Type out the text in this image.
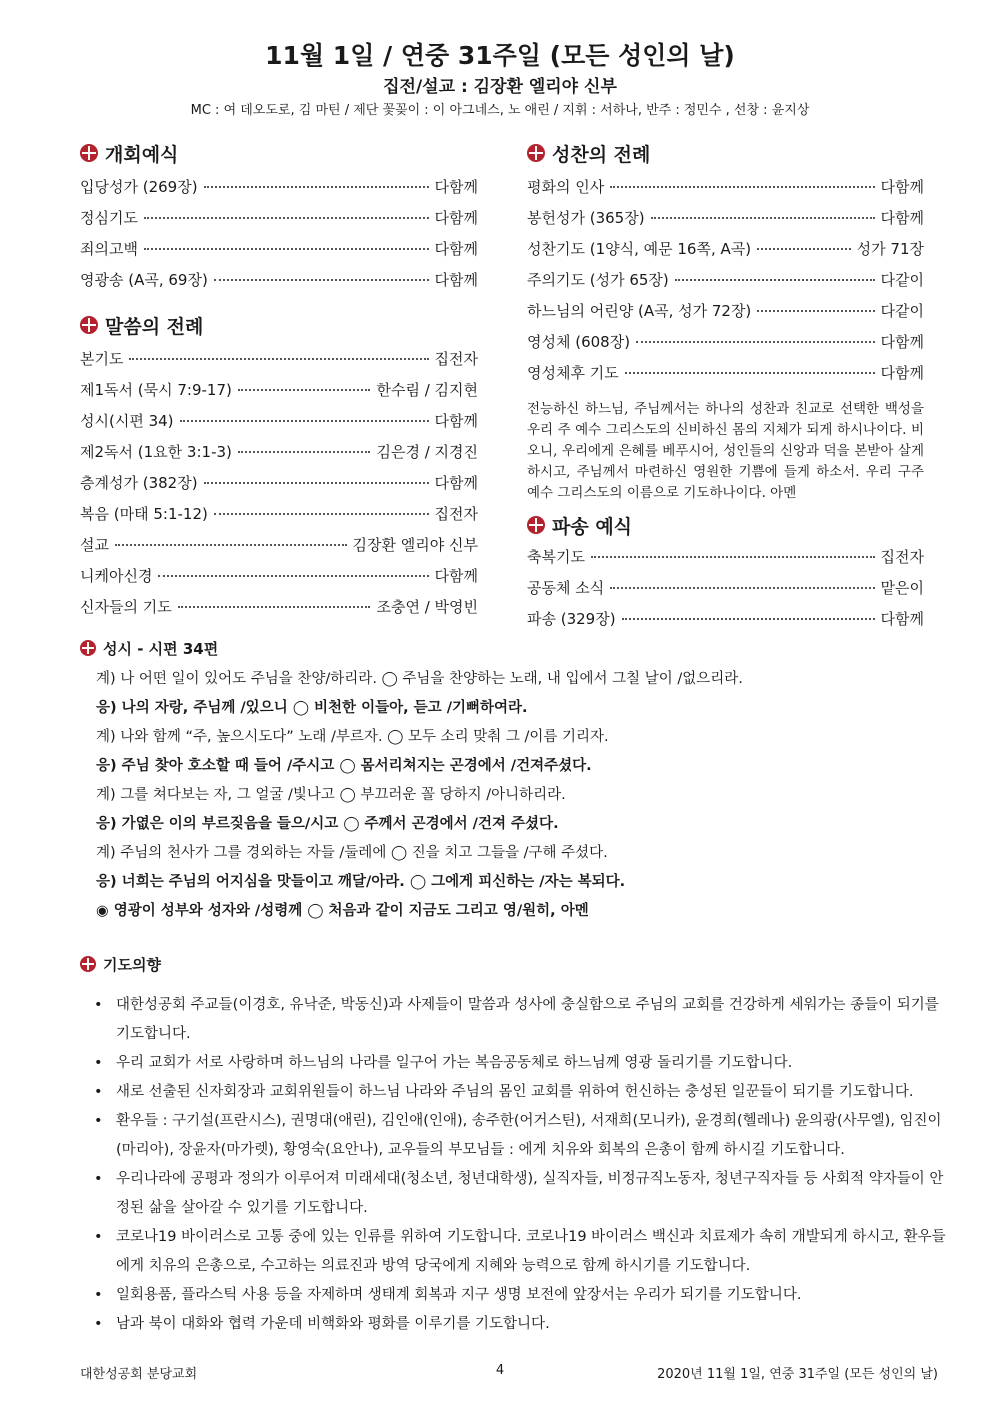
11월 1일 / 연중 31주일 (모든 성인의 날)
집전/설교 : 김장환 엘리야 신부
MC : 여 데오도로, 김 마틴 / 제단 꽃꽂이 : 이 아그네스, 노 애린 / 지휘 : 서하나, 반주 : 정민수 , 선창 : 윤지상
개회예식
입당성가 (269장)	다함께
정심기도	다함께
죄의고백	다함께
영광송 (A곡, 69장)	다함께
말씀의 전례
본기도	집전자
제1독서 (묵시 7:9-17)	한수림 / 김지현
성시(시편 34)	다함께
제2독서 (1요한 3:1-3)	김은경 / 지경진
층계성가 (382장)	다함께
복음 (마태 5:1-12)	집전자
설교	김장환 엘리야 신부
니케아신경	다함께
신자들의 기도	조충연 / 박영빈
성찬의 전례
평화의 인사	다함께
봉헌성가 (365장)	다함께
성찬기도 (1양식, 예문 16쪽, A곡)	성가 71장
주의기도 (성가 65장)	다같이
하느님의 어린양 (A곡, 성가 72장)	다같이
영성체 (608장)	다함께
영성체후 기도	다함께
전능하신 하느님, 주님께서는 하나의 성찬과 친교로 선택한 백성을 우리 주 예수 그리스도의 신비하신 몸의 지체가 되게 하시나이다. 비오니, 우리에게 은혜를 베푸시어, 성인들의 신앙과 덕을 본받아 살게 하시고, 주님께서 마련하신 영원한 기쁨에 들게 하소서. 우리 구주 예수 그리스도의 이름으로 기도하나이다. 아멘
파송 예식
축복기도	집전자
공동체 소식	맡은이
파송 (329장)	다함께
성시 - 시편 34편
계) 나 어떤 일이 있어도 주님을 찬양/하리라. ◯ 주님을 찬양하는 노래, 내 입에서 그칠 날이 /없으리라.
응) 나의 자랑, 주님께 /있으니 ◯ 비천한 이들아, 듣고 /기뻐하여라.
계) 나와 함께 “주, 높으시도다” 노래 /부르자. ◯ 모두 소리 맞춰 그 /이름 기리자.
응) 주님 찾아 호소할 때 들어 /주시고 ◯ 몸서리쳐지는 곤경에서 /건져주셨다.
계) 그를 쳐다보는 자, 그 얼굴 /빛나고 ◯ 부끄러운 꼴 당하지 /아니하리라.
응) 가엾은 이의 부르짖음을 들으/시고 ◯ 주께서 곤경에서 /건져 주셨다.
계) 주님의 천사가 그를 경외하는 자들 /둘레에 ◯ 진을 치고 그들을 /구해 주셨다.
응) 너희는 주님의 어지심을 맛들이고 깨달/아라. ◯ 그에게 피신하는 /자는 복되다.
◉ 영광이 성부와 성자와 /성령께 ◯ 처음과 같이 지금도 그리고 영/원히, 아멘
기도의향
• 대한성공회 주교들(이경호, 유낙준, 박동신)과 사제들이 말씀과 성사에 충실함으로 주님의 교회를 건강하게 세워가는 종들이 되기를 기도합니다.
• 우리 교회가 서로 사랑하며 하느님의 나라를 일구어 가는 복음공동체로 하느님께 영광 돌리기를 기도합니다.
• 새로 선출된 신자회장과 교회위원들이 하느님 나라와 주님의 몸인 교회를 위하여 헌신하는 충성된 일꾼들이 되기를 기도합니다.
• 환우들 : 구기설(프란시스), 권명대(애린), 김인애(인애), 송주한(어거스틴), 서재희(모니카), 윤경희(헬레나) 윤의광(사무엘), 임진이(마리아), 장윤자(마가렛), 황영숙(요안나), 교우들의 부모님들 : 에게 치유와 회복의 은총이 함께 하시길 기도합니다.
• 우리나라에 공평과 정의가 이루어져 미래세대(청소년, 청년대학생), 실직자들, 비정규직노동자, 청년구직자들 등 사회적 약자들이 안정된 삶을 살아갈 수 있기를 기도합니다.
• 코로나19 바이러스로 고통 중에 있는 인류를 위하여 기도합니다. 코로나19 바이러스 백신과 치료제가 속히 개발되게 하시고, 환우들에게 치유의 은총으로, 수고하는 의료진과 방역 당국에게 지혜와 능력으로 함께 하시기를 기도합니다.
• 일회용품, 플라스틱 사용 등을 자제하며 생태계 회복과 지구 생명 보전에 앞장서는 우리가 되기를 기도합니다.
• 남과 북이 대화와 협력 가운데 비핵화와 평화를 이루기를 기도합니다.
대한성공회 분당교회	4	2020년 11월 1일, 연중 31주일 (모든 성인의 날)
